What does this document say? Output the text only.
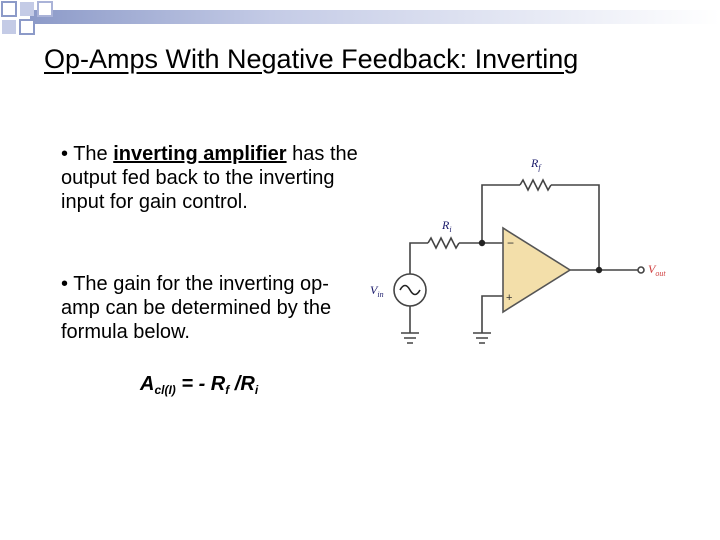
Op-Amps With Negative Feedback: Inverting
• The inverting amplifier has the output fed back to the inverting input for gain control.
• The gain for the inverting op-amp can be determined by the formula below.
$A_{cl(I)}$ = - $R_f$ $/R_i$
−
+
$R_f$
$R_i$
$V_{in}$
$V_{out}$
